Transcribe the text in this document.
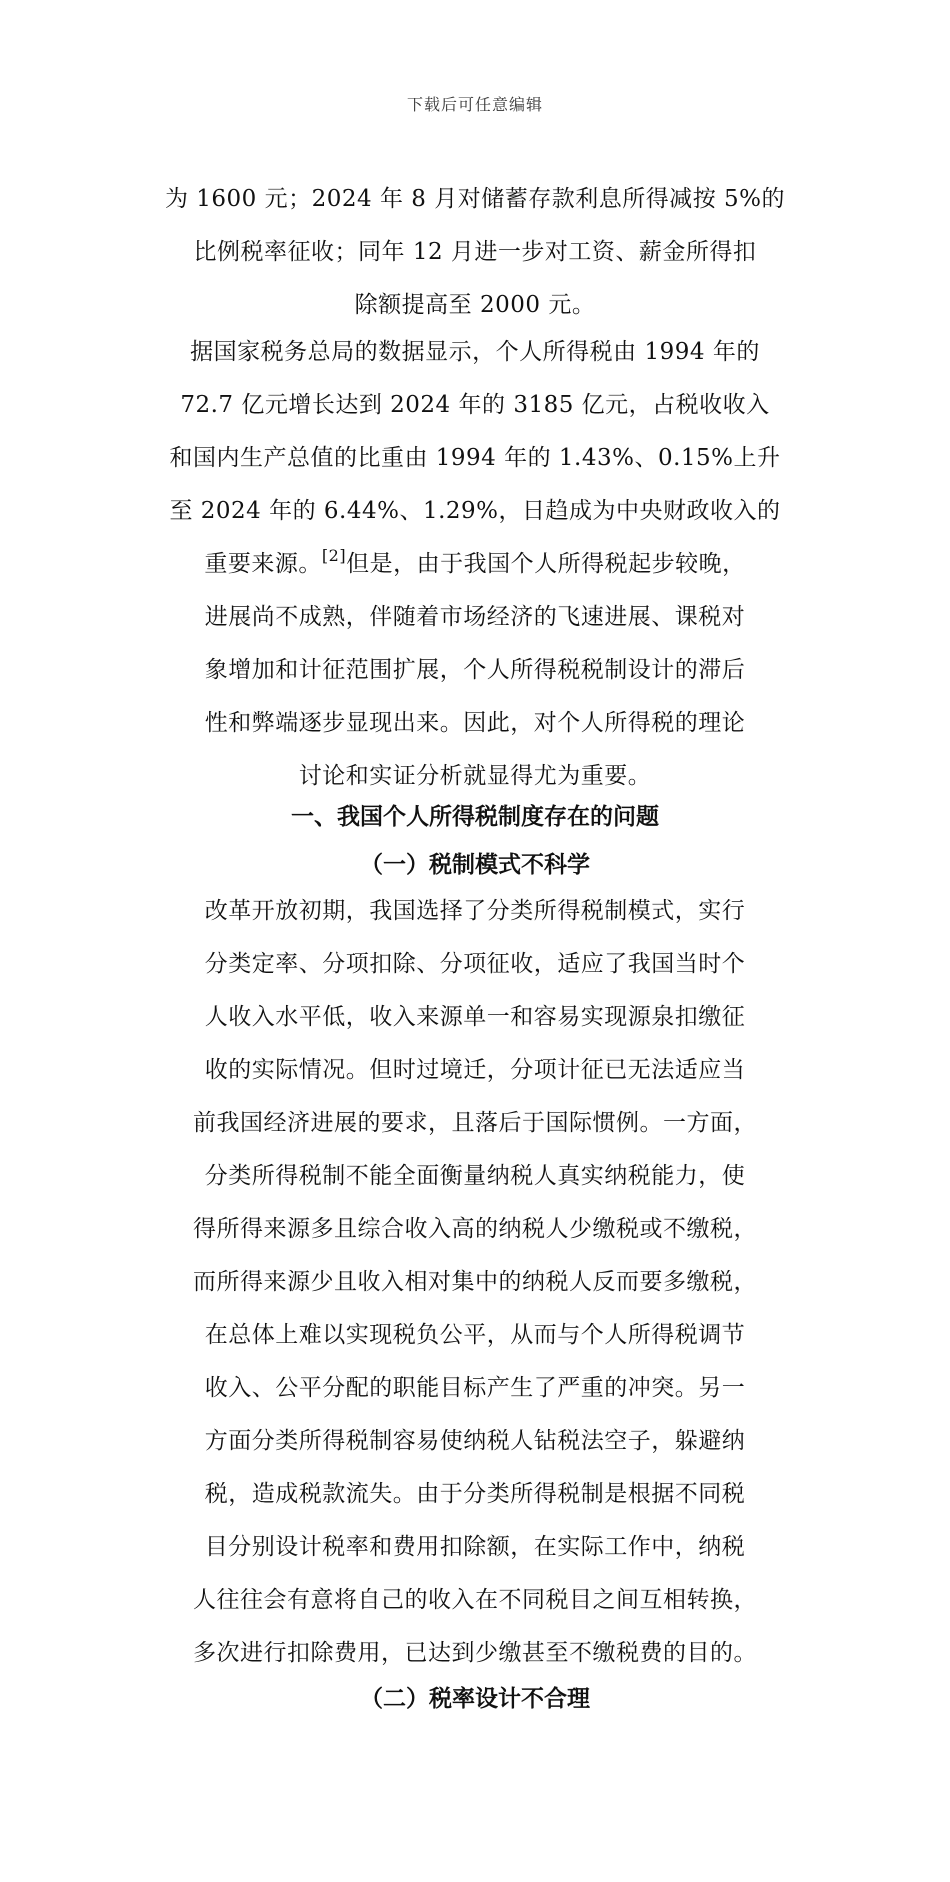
下载后可任意编辑
为 1600 元；2024 年 8 月对储蓄存款利息所得减按 5%的
比例税率征收；同年 12 月进一步对工资、薪金所得扣
除额提高至 2000 元。
据国家税务总局的数据显示，个人所得税由 1994 年的
72.7 亿元增长达到 2024 年的 3185 亿元，占税收收入
和国内生产总值的比重由 1994 年的 1.43%、0.15%上升
至 2024 年的 6.44%、1.29%，日趋成为中央财政收入的
重要来源。[2]但是，由于我国个人所得税起步较晚，
进展尚不成熟，伴随着市场经济的飞速进展、课税对
象增加和计征范围扩展，个人所得税税制设计的滞后
性和弊端逐步显现出来。因此，对个人所得税的理论
讨论和实证分析就显得尤为重要。
一、我国个人所得税制度存在的问题
（一）税制模式不科学
改革开放初期，我国选择了分类所得税制模式，实行
分类定率、分项扣除、分项征收，适应了我国当时个
人收入水平低，收入来源单一和容易实现源泉扣缴征
收的实际情况。但时过境迁，分项计征已无法适应当
前我国经济进展的要求，且落后于国际惯例。一方面，
分类所得税制不能全面衡量纳税人真实纳税能力，使
得所得来源多且综合收入高的纳税人少缴税或不缴税，
而所得来源少且收入相对集中的纳税人反而要多缴税，
在总体上难以实现税负公平，从而与个人所得税调节
收入、公平分配的职能目标产生了严重的冲突。另一
方面分类所得税制容易使纳税人钻税法空子，躲避纳
税，造成税款流失。由于分类所得税制是根据不同税
目分别设计税率和费用扣除额，在实际工作中，纳税
人往往会有意将自己的收入在不同税目之间互相转换，
多次进行扣除费用，已达到少缴甚至不缴税费的目的。
（二）税率设计不合理
